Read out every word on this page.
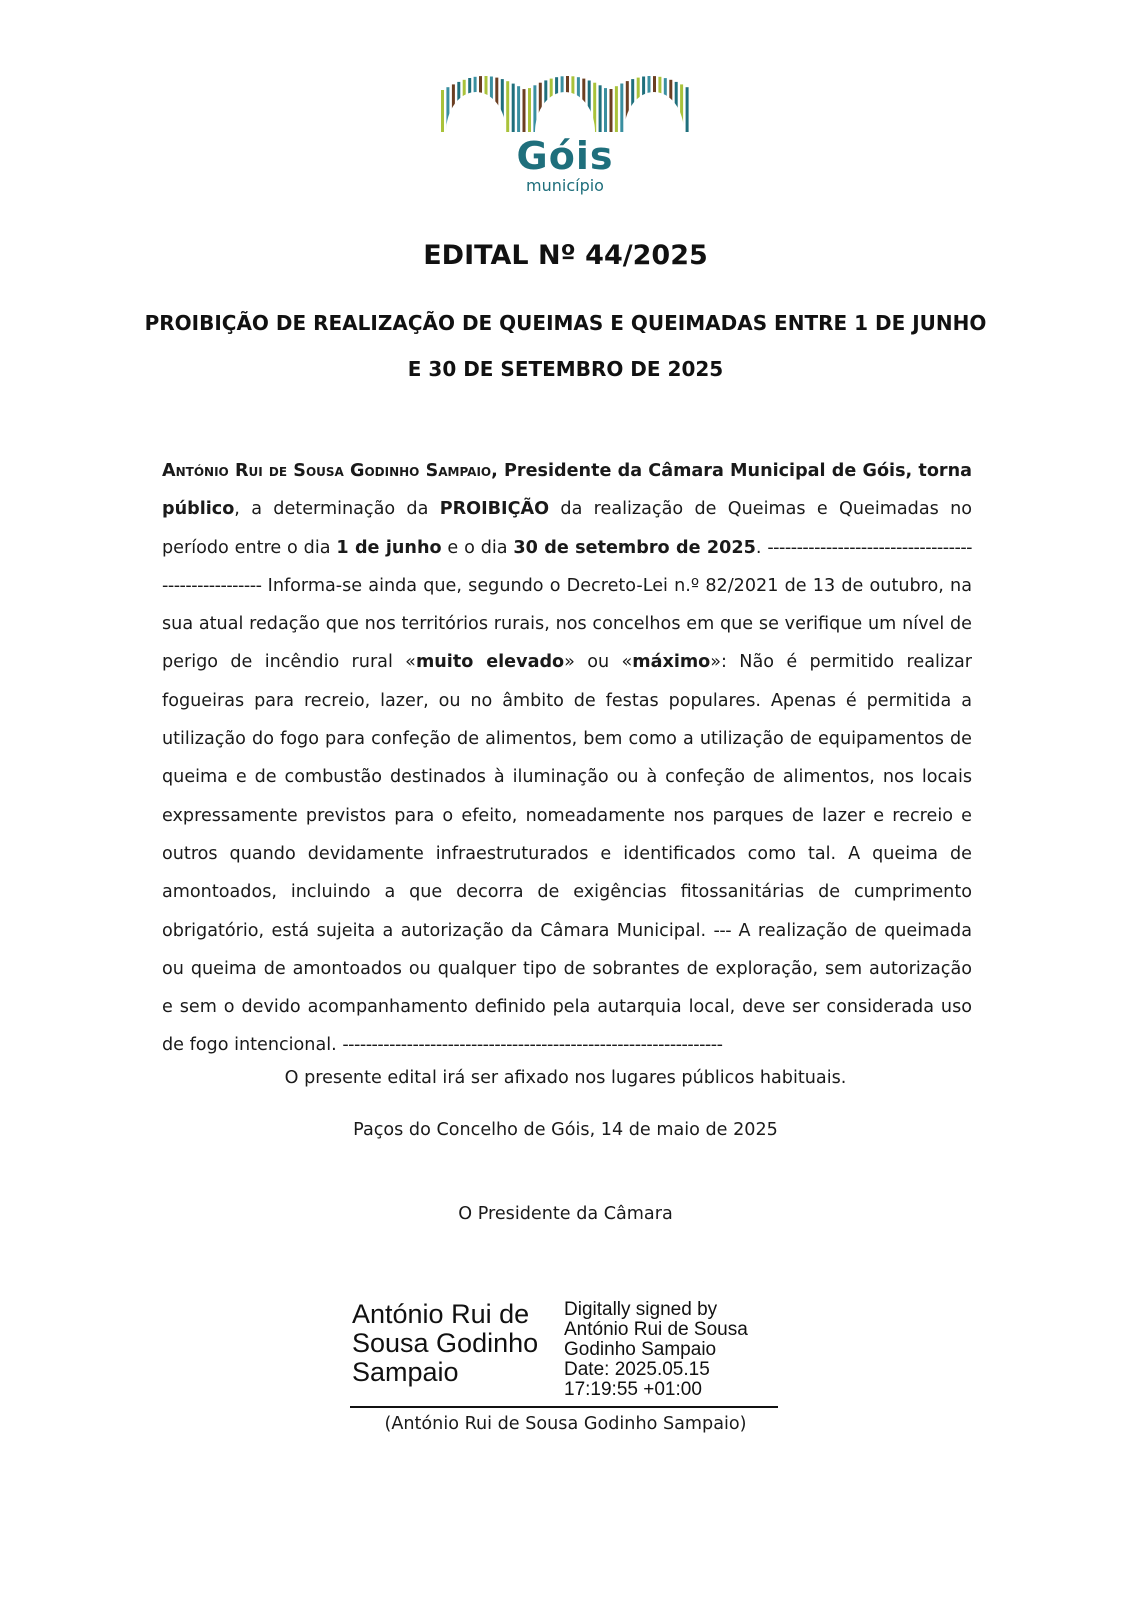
Góis
município
EDITAL Nº 44/2025
PROIBIÇÃO DE REALIZAÇÃO DE QUEIMAS E QUEIMADAS ENTRE 1 DE JUNHO
E 30 DE SETEMBRO DE 2025
António Rui de Sousa Godinho Sampaio, Presidente da Câmara Municipal de Góis, torna público, a determinação da PROIBIÇÃO da realização de Queimas e Queimadas no período entre o dia 1 de junho e o dia 30 de setembro de 2025. ---------------------------------------------------- Informa-se ainda que, segundo o Decreto-Lei n.º 82/2021 de 13 de outubro, na sua atual redação que nos territórios rurais, nos concelhos em que se verifique um nível de perigo de incêndio rural «muito elevado» ou «máximo»: Não é permitido realizar fogueiras para recreio, lazer, ou no âmbito de festas populares. Apenas é permitida a utilização do fogo para confeção de alimentos, bem como a utilização de equipamentos de queima e de combustão destinados à iluminação ou à confeção de alimentos, nos locais expressamente previstos para o efeito, nomeadamente nos parques de lazer e recreio e outros quando devidamente infraestruturados e identificados como tal. A queima de amontoados, incluindo a que decorra de exigências fitossanitárias de cumprimento obrigatório, está sujeita a autorização da Câmara Municipal. --- A realização de queimada ou queima de amontoados ou qualquer tipo de sobrantes de exploração, sem autorização e sem o devido acompanhamento definido pela autarquia local, deve ser considerada uso de fogo intencional. -----------------------------------------------------------------
O presente edital irá ser afixado nos lugares públicos habituais.
Paços do Concelho de Góis, 14 de maio de 2025
O Presidente da Câmara
António Rui de Sousa Godinho Sampaio
Digitally signed by
António Rui de Sousa
Godinho Sampaio
Date: 2025.05.15
17:19:55 +01:00
(António Rui de Sousa Godinho Sampaio)
